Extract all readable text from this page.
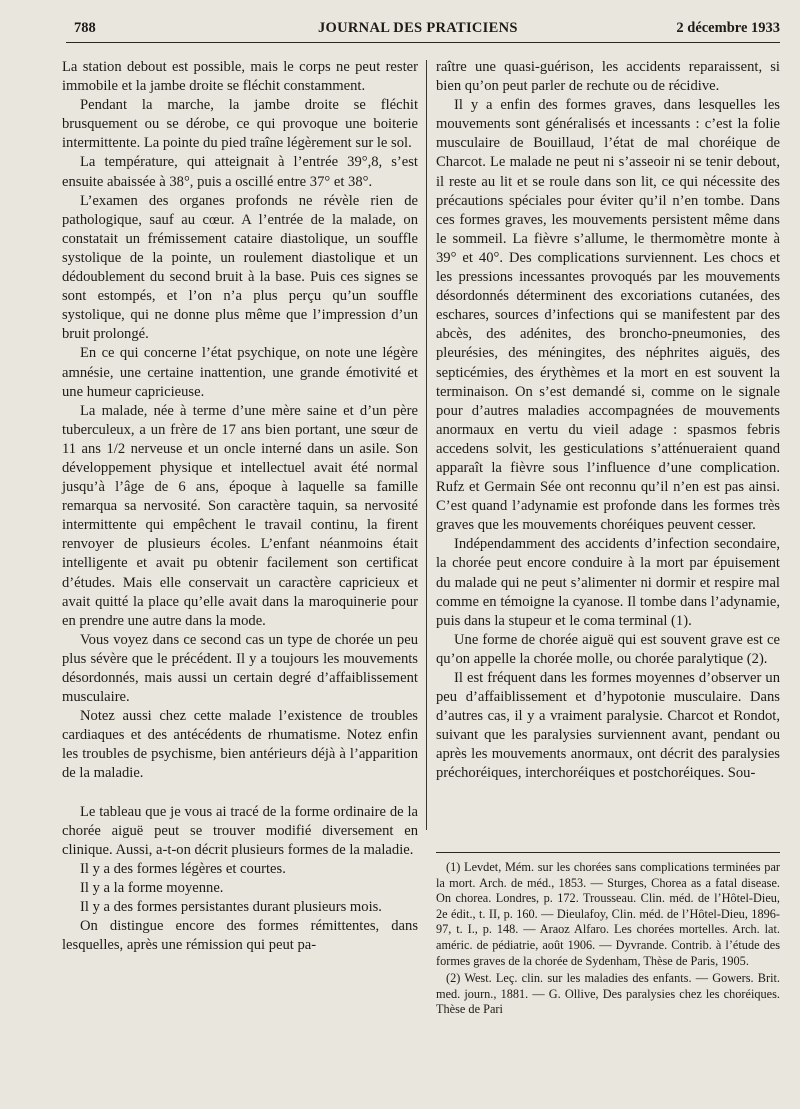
788	JOURNAL DES PRATICIENS	2 décembre 1933

La station debout est possible, mais le corps ne peut rester immobile et la jambe droite se fléchit constamment.

Pendant la marche, la jambe droite se fléchit brusquement ou se dérobe, ce qui provoque une boiterie intermittente. La pointe du pied traîne légèrement sur le sol.

La température, qui atteignait à l’entrée 39°,8, s’est ensuite abaissée à 38°, puis a oscillé entre 37° et 38°.

L’examen des organes profonds ne révèle rien de pathologique, sauf au cœur. A l’entrée de la malade, on constatait un frémissement cataire diastolique, un souffle systolique de la pointe, un roulement diastolique et un dédoublement du second bruit à la base. Puis ces signes se sont estompés, et l’on n’a plus perçu qu’un souffle systolique, qui ne donne plus même que l’impression d’un bruit prolongé.

En ce qui concerne l’état psychique, on note une légère amnésie, une certaine inattention, une grande émotivité et une humeur capricieuse.

La malade, née à terme d’une mère saine et d’un père tuberculeux, a un frère de 17 ans bien portant, une sœur de 11 ans 1/2 nerveuse et un oncle interné dans un asile. Son développement physique et intellectuel avait été normal jusqu’à l’âge de 6 ans, époque à laquelle sa famille remarqua sa nervosité. Son caractère taquin, sa nervosité intermittente qui empêchent le travail continu, la firent renvoyer de plusieurs écoles. L’enfant néanmoins était intelligente et avait pu obtenir facilement son certificat d’études. Mais elle conservait un caractère capricieux et avait quitté la place qu’elle avait dans la maroquinerie pour en prendre une autre dans la mode.

Vous voyez dans ce second cas un type de chorée un peu plus sévère que le précédent. Il y a toujours les mouvements désordonnés, mais aussi un certain degré d’affaiblissement musculaire.

Notez aussi chez cette malade l’existence de troubles cardiaques et des antécédents de rhumatisme. Notez enfin les troubles de psychisme, bien antérieurs déjà à l’apparition de la maladie.

Le tableau que je vous ai tracé de la forme ordinaire de la chorée aiguë peut se trouver modifié diversement en clinique. Aussi, a-t-on décrit plusieurs formes de la maladie.

Il y a des formes légères et courtes.

Il y a la forme moyenne.

Il y a des formes persistantes durant plusieurs mois.

On distingue encore des formes rémittentes, dans lesquelles, après une rémission qui peut pa-

raître une quasi-guérison, les accidents reparaissent, si bien qu’on peut parler de rechute ou de récidive.

Il y a enfin des formes graves, dans lesquelles les mouvements sont généralisés et incessants : c’est la folie musculaire de Bouillaud, l’état de mal choréique de Charcot. Le malade ne peut ni s’asseoir ni se tenir debout, il reste au lit et se roule dans son lit, ce qui nécessite des précautions spéciales pour éviter qu’il n’en tombe. Dans ces formes graves, les mouvements persistent même dans le sommeil. La fièvre s’allume, le thermomètre monte à 39° et 40°. Des complications surviennent. Les chocs et les pressions incessantes provoqués par les mouvements désordonnés déterminent des excoriations cutanées, des eschares, sources d’infections qui se manifestent par des abcès, des adénites, des broncho-pneumonies, des pleurésies, des méningites, des néphrites aiguës, des septicémies, des érythèmes et la mort en est souvent la terminaison. On s’est demandé si, comme on le signale pour d’autres maladies accompagnées de mouvements anormaux en vertu du vieil adage : spasmos febris accedens solvit, les gesticulations s’atténueraient quand apparaît la fièvre sous l’influence d’une complication. Rufz et Germain Sée ont reconnu qu’il n’en est pas ainsi. C’est quand l’adynamie est profonde dans les formes très graves que les mouvements choréiques peuvent cesser.

Indépendamment des accidents d’infection secondaire, la chorée peut encore conduire à la mort par épuisement du malade qui ne peut s’alimenter ni dormir et respire mal comme en témoigne la cyanose. Il tombe dans l’adynamie, puis dans la stupeur et le coma terminal (1).

Une forme de chorée aiguë qui est souvent grave est ce qu’on appelle la chorée molle, ou chorée paralytique (2).

Il est fréquent dans les formes moyennes d’observer un peu d’affaiblissement et d’hypotonie musculaire. Dans d’autres cas, il y a vraiment paralysie. Charcot et Rondot, suivant que les paralysies surviennent avant, pendant ou après les mouvements anormaux, ont décrit des paralysies préchoréiques, interchoréiques et postchoréiques. Sou-

(1) Levdet, Mém. sur les chorées sans complications terminées par la mort. Arch. de méd., 1853. — Sturges, Chorea as a fatal disease. On chorea. Londres, p. 172. Trousseau. Clin. méd. de l’Hôtel-Dieu, 2e édit., t. II, p. 160. — Dieulafoy, Clin. méd. de l’Hôtel-Dieu, 1896-97, t. I., p. 148. — Araoz Alfaro. Les chorées mortelles. Arch. lat. améric. de pédiatrie, août 1906. — Dyvrande. Contrib. à l’étude des formes graves de la chorée de Sydenham, Thèse de Paris, 1905.

(2) West. Leç. clin. sur les maladies des enfants. — Gowers. Brit. med. journ., 1881. — G. Ollive, Des paralysies chez les choréiques. Thèse de Pari
